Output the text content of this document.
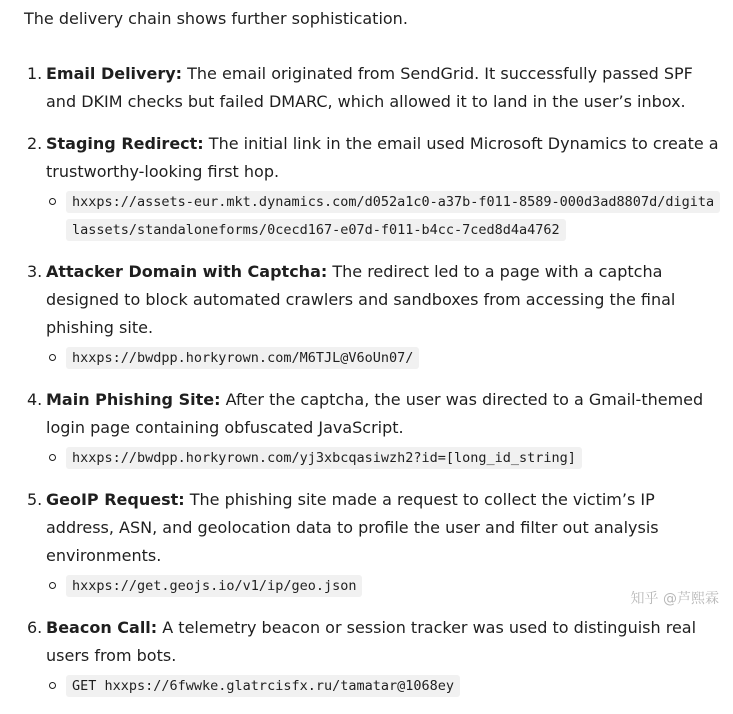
The delivery chain shows further sophistication.

1. Email Delivery: The email originated from SendGrid. It successfully passed SPF and DKIM checks but failed DMARC, which allowed it to land in the user’s inbox.

2. Staging Redirect: The initial link in the email used Microsoft Dynamics to create a trustworthy-looking first hop.

hxxps://assets-eur.mkt.dynamics.com/d052a1c0-a37b-f011-8589-000d3ad8807d/digitalassets/standaloneforms/0cecd167-e07d-f011-b4cc-7ced8d4a4762
3. Attacker Domain with Captcha: The redirect led to a page with a captcha designed to block automated crawlers and sandboxes from accessing the final phishing site.

hxxps://bwdpp.horkyrown.com/M6TJL@V6oUn07/
4. Main Phishing Site: After the captcha, the user was directed to a Gmail-themed login page containing obfuscated JavaScript.

hxxps://bwdpp.horkyrown.com/yj3xbcqasiwzh2?id=[long_id_string]
5. GeoIP Request: The phishing site made a request to collect the victim’s IP address, ASN, and geolocation data to profile the user and filter out analysis environments.

hxxps://get.geojs.io/v1/ip/geo.json
6. Beacon Call: A telemetry beacon or session tracker was used to distinguish real users from bots.

GET hxxps://6fwwke.glatrcisfx.ru/tamatar@1068ey
知乎 @芦熙霖
